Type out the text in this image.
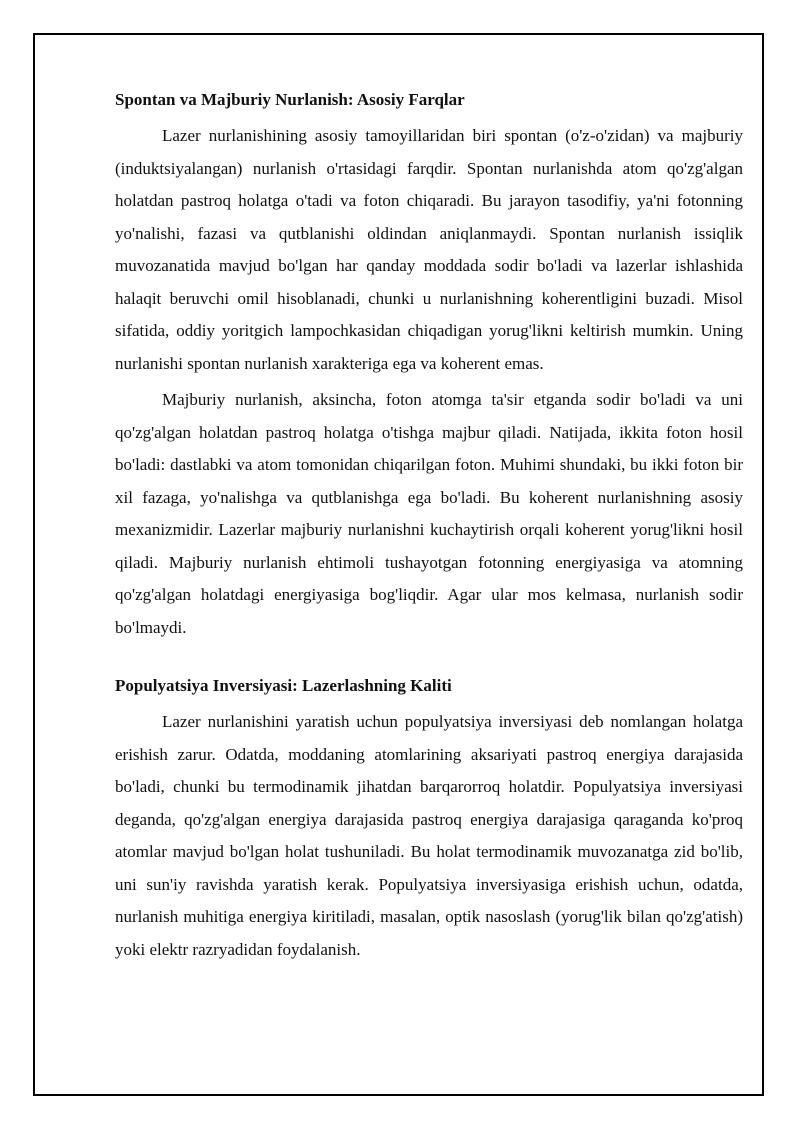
Spontan va Majburiy Nurlanish: Asosiy Farqlar

Lazer nurlanishining asosiy tamoyillaridan biri spontan (o'z-o'zidan) va majburiy (induktsiyalangan) nurlanish o'rtasidagi farqdir. Spontan nurlanishda atom qo'zg'algan holatdan pastroq holatga o'tadi va foton chiqaradi. Bu jarayon tasodifiy, ya'ni fotonning yo'nalishi, fazasi va qutblanishi oldindan aniqlanmaydi. Spontan nurlanish issiqlik muvozanatida mavjud bo'lgan har qanday moddada sodir bo'ladi va lazerlar ishlashida halaqit beruvchi omil hisoblanadi, chunki u nurlanishning koherentligini buzadi. Misol sifatida, oddiy yoritgich lampochkasidan chiqadigan yorug'likni keltirish mumkin. Uning nurlanishi spontan nurlanish xarakteriga ega va koherent emas.

Majburiy nurlanish, aksincha, foton atomga ta'sir etganda sodir bo'ladi va uni qo'zg'algan holatdan pastroq holatga o'tishga majbur qiladi. Natijada, ikkita foton hosil bo'ladi: dastlabki va atom tomonidan chiqarilgan foton. Muhimi shundaki, bu ikki foton bir xil fazaga, yo'nalishga va qutblanishga ega bo'ladi. Bu koherent nurlanishning asosiy mexanizmidir. Lazerlar majburiy nurlanishni kuchaytirish orqali koherent yorug'likni hosil qiladi. Majburiy nurlanish ehtimoli tushayotgan fotonning energiyasiga va atomning qo'zg'algan holatdagi energiyasiga bog'liqdir. Agar ular mos kelmasa, nurlanish sodir bo'lmaydi.

Populyatsiya Inversiyasi: Lazerlashning Kaliti

Lazer nurlanishini yaratish uchun populyatsiya inversiyasi deb nomlangan holatga erishish zarur. Odatda, moddaning atomlarining aksariyati pastroq energiya darajasida bo'ladi, chunki bu termodinamik jihatdan barqarorroq holatdir. Populyatsiya inversiyasi deganda, qo'zg'algan energiya darajasida pastroq energiya darajasiga qaraganda ko'proq atomlar mavjud bo'lgan holat tushuniladi. Bu holat termodinamik muvozanatga zid bo'lib, uni sun'iy ravishda yaratish kerak. Populyatsiya inversiyasiga erishish uchun, odatda, nurlanish muhitiga energiya kiritiladi, masalan, optik nasoslash (yorug'lik bilan qo'zg'atish) yoki elektr razryadidan foydalanish.
